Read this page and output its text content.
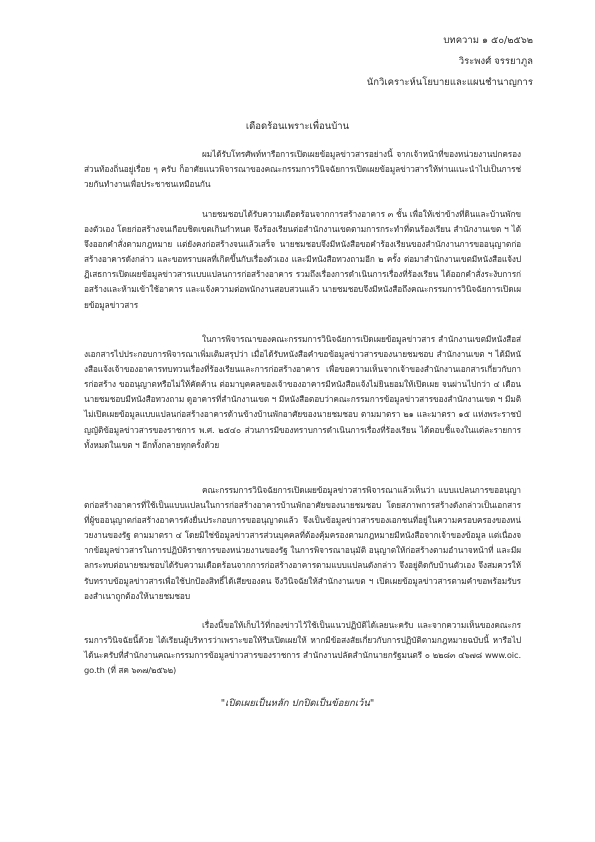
บทความ ๑ ๕๐/๒๕๖๒
วิระพงศ์ จรรยาภูล
นักวิเคราะห์นโยบายและแผนชำนาญการ
เดือดร้อนเพราะเพื่อนบ้าน
ผมได้รับโทรศัพท์หารือการเปิดเผยข้อมูลข่าวสารอย่างนี้ จากเจ้าหน้าที่ของหน่วยงานปกครองส่วนท้องถิ่นอยู่เรื่อย ๆ ครับ ก็อาศัยแนวพิจารณาของคณะกรรมการวินิจฉัยการเปิดเผยข้อมูลข่าวสารให้ท่านแนะนำไปเป็นการช่วยกันทำงานเพื่อประชาชนเหมือนกัน
นายชมชอบได้รับความเดือดร้อนจากการสร้างอาคาร ๓ ชั้น เพื่อให้เช่าข้างที่ดินและบ้านพักของตัวเอง โดยก่อสร้างจนเกือบชิดเขตเกินกำหนด จึงร้องเรียนต่อสำนักงานเขตตามการกระทำที่ตนร้องเรียน สำนักงานเขต ฯ ได้จึงออกคำสั่งตามกฎหมาย แต่ยังคงก่อสร้างจนแล้วเสร็จ นายชมชอบจึงมีหนังสือขอคำร้องเรียนของสำนักงานการขออนุญาตก่อสร้างอาคารดังกล่าว และขอทราบผลที่เกิดขึ้นกับเรื่องตัวเอง และมีหนังสือทวงถามอีก ๒ ครั้ง ต่อมาสำนักงานเขตมีหนังสือแจ้งปฏิเสธการเปิดเผยข้อมูลข่าวสารแบบแปลนการก่อสร้างอาคาร รวมถึงเรื่องการดำเนินการเรื่องที่ร้องเรียน ได้ออกคำสั่งระงับการก่อสร้างและห้ามเข้าใช้อาคาร และแจ้งความต่อพนักงานสอบสวนแล้ว นายชมชอบจึงมีหนังสือถึงคณะกรรมการวินิจฉัยการเปิดเผยข้อมูลข่าวสาร
ในการพิจารณาของคณะกรรมการวินิจฉัยการเปิดเผยข้อมูลข่าวสาร สำนักงานเขตมีหนังสือส่งเอกสารไปประกอบการพิจารณาเพิ่มเติมสรุปว่า เมื่อได้รับหนังสือคำขอข้อมูลข่าวสารของนายชมชอบ สำนักงานเขต ฯ ได้มีหนังสือแจ้งเจ้าของอาคารทบทวนเรื่องที่ร้องเรียนและการก่อสร้างอาคาร เพื่อขอความเห็นจากเจ้าของสำนักงานเอกสารเกี่ยวกับการก่อสร้าง ขออนุญาตหรือไม่ให้คัดค้าน ต่อมาบุคคลของเจ้าของอาคารมีหนังสือแจ้งไม่ยินยอมให้เปิดเผย จนผ่านไปกว่า ๔ เดือน นายชมชอบมีหนังสือทวงถาม ดูอาคารที่สำนักงานเขต ฯ มีหนังสือตอบว่าคณะกรรมการข้อมูลข่าวสารของสำนักงานเขต ฯ มีมติไม่เปิดเผยข้อมูลแบบแปลนก่อสร้างอาคารด้านข้างบ้านพักอาศัยของนายชมชอบ ตามมาตรา ๒๑ และมาตรา ๑๕ แห่งพระราชบัญญัติข้อมูลข่าวสารของราชการ พ.ศ. ๒๕๔๐ ส่วนการมีของทราบการดำเนินการเรื่องที่ร้องเรียน ได้ตอบชี้แจงในแต่ละรายการทั้งหมดในเขต ฯ อีกทั้งกลายทุกครั้งด้วย
คณะกรรมการวินิจฉัยการเปิดเผยข้อมูลข่าวสารพิจารณาแล้วเห็นว่า แบบแปลนการขออนุญาตก่อสร้างอาคารที่ใช้เป็นแบบแปลนในการก่อสร้างอาคารบ้านพักอาศัยของนายชมชอบ โดยสภาพการสร้างดังกล่าวเป็นเอกสารที่ผู้ขออนุญาตก่อสร้างอาคารดังยื่นประกอบการขออนุญาตแล้ว จึงเป็นข้อมูลข่าวสารของเอกชนที่อยู่ในความครอบครองของหน่วยงานของรัฐ ตามมาตรา ๔ โดยมิใช่ข้อมูลข่าวสารส่วนบุคคลที่ต้องคุ้มครองตามกฎหมายมีหนังสือจากเจ้าของข้อมูล แต่เนื่องจากข้อมูลข่าวสารในการปฏิบัติราชการของหน่วยงานของรัฐ ในการพิจารณาอนุมัติ อนุญาตให้ก่อสร้างตามอำนาจหน้าที่ และมีผลกระทบต่อนายชมชอบได้รับความเดือดร้อนจากการก่อสร้างอาคารตามแบบแปลนดังกล่าว จึงอยู่ติดกับบ้านตัวเอง จึงสมควรให้รับทราบข้อมูลข่าวสารเพื่อใช้ปกป้องสิทธิ์ได้เสียของตน จึงวินิจฉัยให้สำนักงานเขต ฯ เปิดเผยข้อมูลข่าวสารตามคำขอพร้อมรับรองสำเนาถูกต้องให้นายชมชอบ
เรื่องนี้ขอให้เก็บไว้ที่กองข่าวไว้ใช้เป็นแนวปฏิบัติได้เลยนะครับ และจากความเห็นของคณะกรรมการวินิจฉัยนี้ด้วย ได้เรียนผู้บริหารว่าเพราะขอให้รีบเปิดเผยให้ หากมีข้อสงสัยเกี่ยวกับการปฏิบัติตามกฎหมายฉบับนี้ หารือไปได้นะครับที่สำนักงานคณะกรรมการข้อมูลข่าวสารของราชการ สำนักงานปลัดสำนักนายกรัฐมนตรี ๐ ๒๒๘๓ ๔๖๗๘ www.oic.go.th (ที่ สค ๖๓๗/๒๕๖๒)
"เปิดเผยเป็นหลัก ปกปิดเป็นข้อยกเว้น"
